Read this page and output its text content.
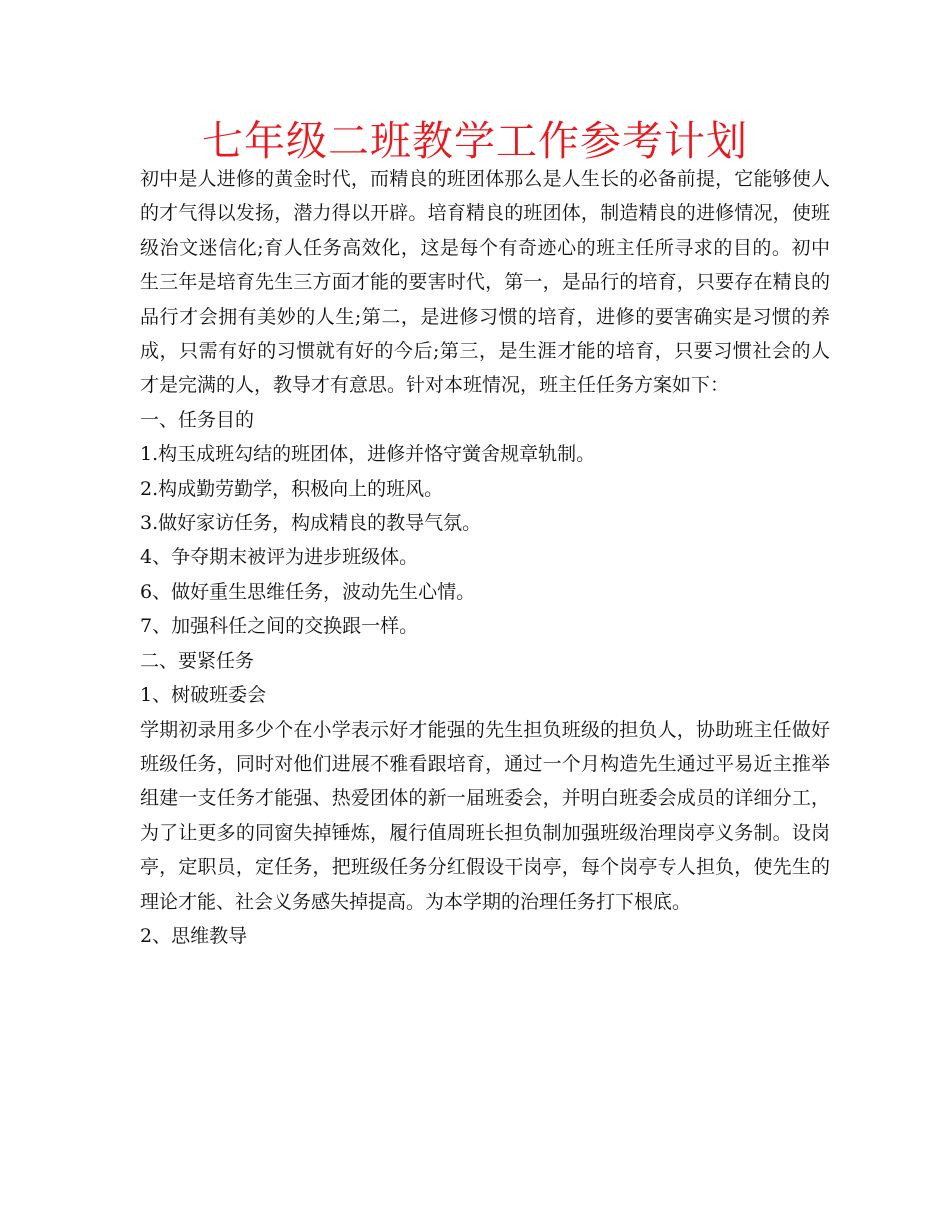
七年级二班教学工作参考计划

初中是人进修的黄金时代，而精良的班团体那么是人生长的必备前提，它能够使人的才气得以发扬，潜力得以开辟。培育精良的班团体，制造精良的进修情况，使班级治文迷信化;育人任务高效化，这是每个有奇迹心的班主任所寻求的目的。初中生三年是培育先生三方面才能的要害时代，第一，是品行的培育，只要存在精良的品行才会拥有美妙的人生;第二，是进修习惯的培育，进修的要害确实是习惯的养成，只需有好的习惯就有好的今后;第三，是生涯才能的培育，只要习惯社会的人才是完满的人，教导才有意思。针对本班情况，班主任任务方案如下：

一、任务目的

1.构玉成班勾结的班团体，进修并恪守黉舍规章轨制。

2.构成勤劳勤学，积极向上的班风。

3.做好家访任务，构成精良的教导气氛。

4、争夺期末被评为进步班级体。

6、做好重生思维任务，波动先生心情。

7、加强科任之间的交换跟一样。

二、要紧任务

1、树破班委会

学期初录用多少个在小学表示好才能强的先生担负班级的担负人，协助班主任做好班级任务，同时对他们进展不雅看跟培育，通过一个月构造先生通过平易近主推举组建一支任务才能强、热爱团体的新一届班委会，并明白班委会成员的详细分工，为了让更多的同窗失掉锤炼，履行值周班长担负制加强班级治理岗亭义务制。设岗亭，定职员，定任务，把班级任务分红假设干岗亭，每个岗亭专人担负，使先生的理论才能、社会义务感失掉提高。为本学期的治理任务打下根底。

2、思维教导
